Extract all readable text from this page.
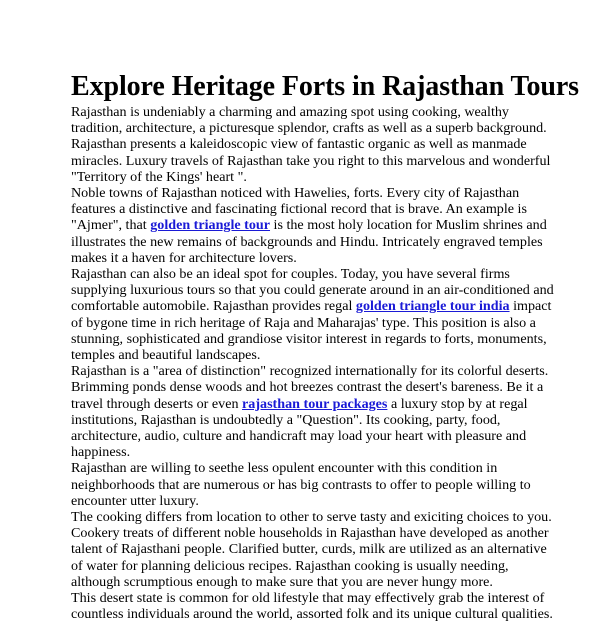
Explore Heritage Forts in Rajasthan Tours

Rajasthan is undeniably a charming and amazing spot using cooking, wealthy
tradition, architecture, a picturesque splendor, crafts as well as a superb background.
Rajasthan presents a kaleidoscopic view of fantastic organic as well as manmade
miracles. Luxury travels of Rajasthan take you right to this marvelous and wonderful
"Territory of the Kings' heart ".

Noble towns of Rajasthan noticed with Hawelies, forts. Every city of Rajasthan
features a distinctive and fascinating fictional record that is brave. An example is
"Ajmer", that golden triangle tour is the most holy location for Muslim shrines and
illustrates the new remains of backgrounds and Hindu. Intricately engraved temples
makes it a haven for architecture lovers.

Rajasthan can also be an ideal spot for couples. Today, you have several firms
supplying luxurious tours so that you could generate around in an air-conditioned and
comfortable automobile. Rajasthan provides regal golden triangle tour india impact
of bygone time in rich heritage of Raja and Maharajas' type. This position is also a
stunning, sophisticated and grandiose visitor interest in regards to forts, monuments,
temples and beautiful landscapes.

Rajasthan is a "area of distinction" recognized internationally for its colorful deserts.
Brimming ponds dense woods and hot breezes contrast the desert's bareness. Be it a
travel through deserts or even rajasthan tour packages a luxury stop by at regal
institutions, Rajasthan is undoubtedly a "Question". Its cooking, party, food,
architecture, audio, culture and handicraft may load your heart with pleasure and
happiness.

Rajasthan are willing to seethe less opulent encounter with this condition in
neighborhoods that are numerous or has big contrasts to offer to people willing to
encounter utter luxury.

The cooking differs from location to other to serve tasty and exiciting choices to you.
Cookery treats of different noble households in Rajasthan have developed as another
talent of Rajasthani people. Clarified butter, curds, milk are utilized as an alternative
of water for planning delicious recipes. Rajasthan cooking is usually needing,
although scrumptious enough to make sure that you are never hungy more.

This desert state is common for old lifestyle that may effectively grab the interest of
countless individuals around the world, assorted folk and its unique cultural qualities.
